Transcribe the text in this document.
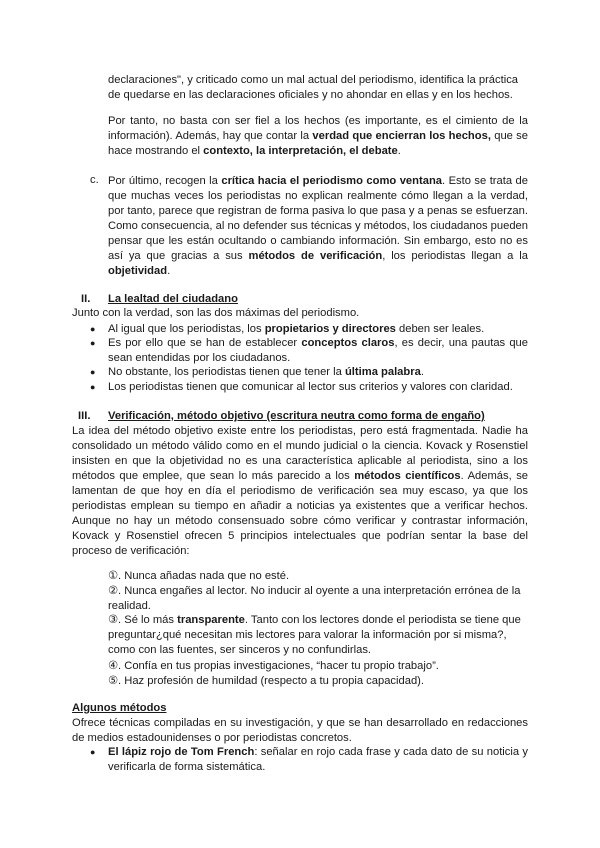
declaraciones", y criticado como un mal actual del periodismo, identifica la práctica
de quedarse en las declaraciones oficiales y no ahondar en ellas y en los hechos.

Por tanto, no basta con ser fiel a los hechos (es importante, es el cimiento de la información). Además, hay que contar la verdad que encierran los hechos, que se hace mostrando el contexto, la interpretación, el debate.

c. Por último, recogen la crítica hacia el periodismo como ventana. Esto se trata de que muchas veces los periodistas no explican realmente cómo llegan a la verdad, por tanto, parece que registran de forma pasiva lo que pasa y a penas se esfuerzan. Como consecuencia, al no defender sus técnicas y métodos, los ciudadanos pueden pensar que les están ocultando o cambiando información. Sin embargo, esto no es así ya que gracias a sus métodos de verificación, los periodistas llegan a la objetividad.

II. La lealtad del ciudadano

Junto con la verdad, son las dos máximas del periodismo.

● Al igual que los periodistas, los propietarios y directores deben ser leales.

● Es por ello que se han de establecer conceptos claros, es decir, una pautas que sean entendidas por los ciudadanos.

● No obstante, los periodistas tienen que tener la última palabra.

● Los periodistas tienen que comunicar al lector sus criterios y valores con claridad.

III. Verificación, método objetivo (escritura neutra como forma de engaño)

La idea del método objetivo existe entre los periodistas, pero está fragmentada. Nadie ha consolidado un método válido como en el mundo judicial o la ciencia. Kovack y Rosenstiel insisten en que la objetividad no es una característica aplicable al periodista, sino a los métodos que emplee, que sean lo más parecido a los métodos científicos. Además, se lamentan de que hoy en día el periodismo de verificación sea muy escaso, ya que los periodistas emplean su tiempo en añadir a noticias ya existentes que a verificar hechos. Aunque no hay un método consensuado sobre cómo verificar y contrastar información, Kovack y Rosenstiel ofrecen 5 principios intelectuales que podrían sentar la base del proceso de verificación:

①. Nunca añadas nada que no esté.

②. Nunca engañes al lector. No inducir al oyente a una interpretación errónea de la realidad.

③. Sé lo más transparente. Tanto con los lectores donde el periodista se tiene que preguntar¿qué necesitan mis lectores para valorar la información por si misma?, como con las fuentes, ser sinceros y no confundirlas.

④. Confía en tus propias investigaciones, “hacer tu propio trabajo”.

⑤. Haz profesión de humildad (respecto a tu propia capacidad).

Algunos métodos

Ofrece técnicas compiladas en su investigación, y que se han desarrollado en redacciones de medios estadounidenses o por periodistas concretos.

● El lápiz rojo de Tom French: señalar en rojo cada frase y cada dato de su noticia y verificarla de forma sistemática.
